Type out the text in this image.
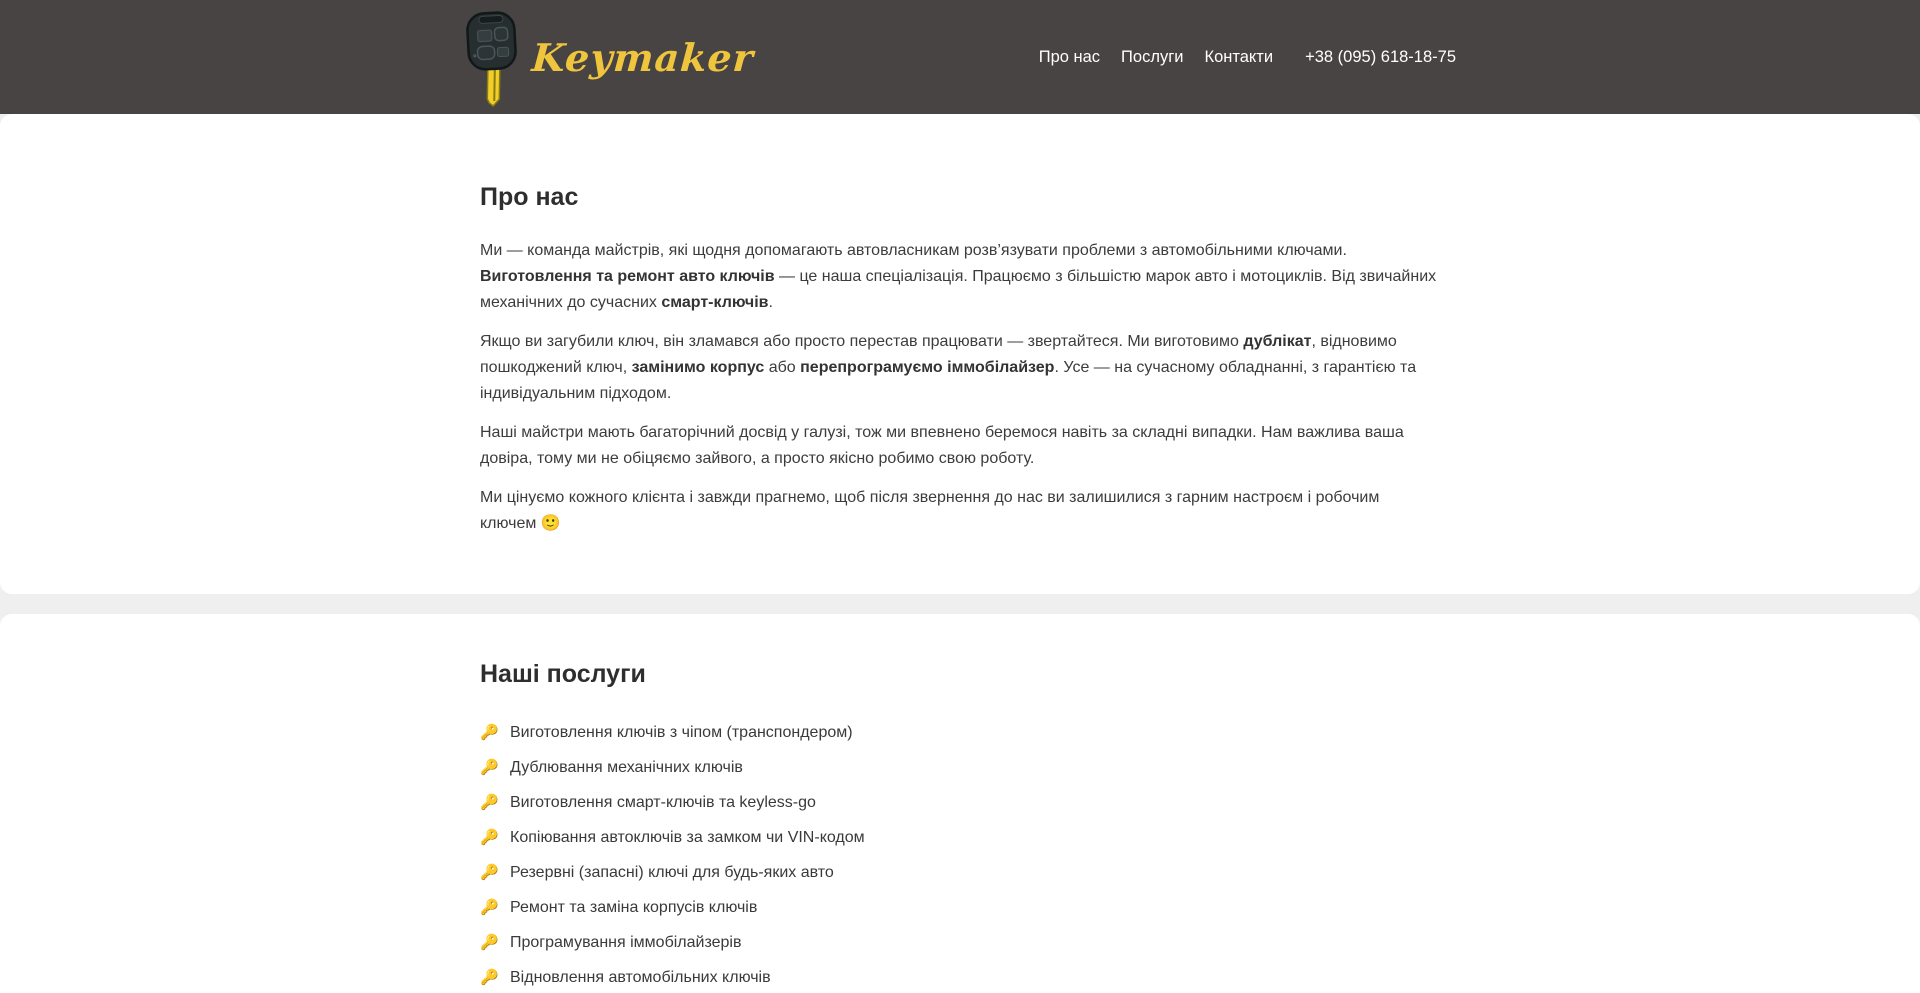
Keymaker	Про нас Послуги Контакти +38 (095) 618-18-75
Про нас

Ми — команда майстрів, які щодня допомагають автовласникам розв’язувати проблеми з автомобільними ключами. Виготовлення та ремонт авто ключів — це наша спеціалізація. Працюємо з більшістю марок авто і мотоциклів. Від звичайних механічних до сучасних смарт-ключів.

Якщо ви загубили ключ, він зламався або просто перестав працювати — звертайтеся. Ми виготовимо дублікат, відновимо пошкоджений ключ, замінимо корпус або перепрограмуємо іммобілайзер. Усе — на сучасному обладнанні, з гарантією та індивідуальним підходом.

Наші майстри мають багаторічний досвід у галузі, тож ми впевнено беремося навіть за складні випадки. Нам важлива ваша довіра, тому ми не обіцяємо зайвого, а просто якісно робимо свою роботу.

Ми цінуємо кожного клієнта і завжди прагнемо, щоб після звернення до нас ви залишилися з гарним настроєм і робочим ключем 🙂

Наші послуги
🔑 Виготовлення ключів з чіпом (транспондером)
🔑 Дублювання механічних ключів
🔑 Виготовлення смарт-ключів та keyless-go
🔑 Копіювання автоключів за замком чи VIN-кодом
🔑 Резервні (запасні) ключі для будь-яких авто
🔑 Ремонт та заміна корпусів ключів
🔑 Програмування іммобілайзерів
🔑 Відновлення автомобільних ключів
